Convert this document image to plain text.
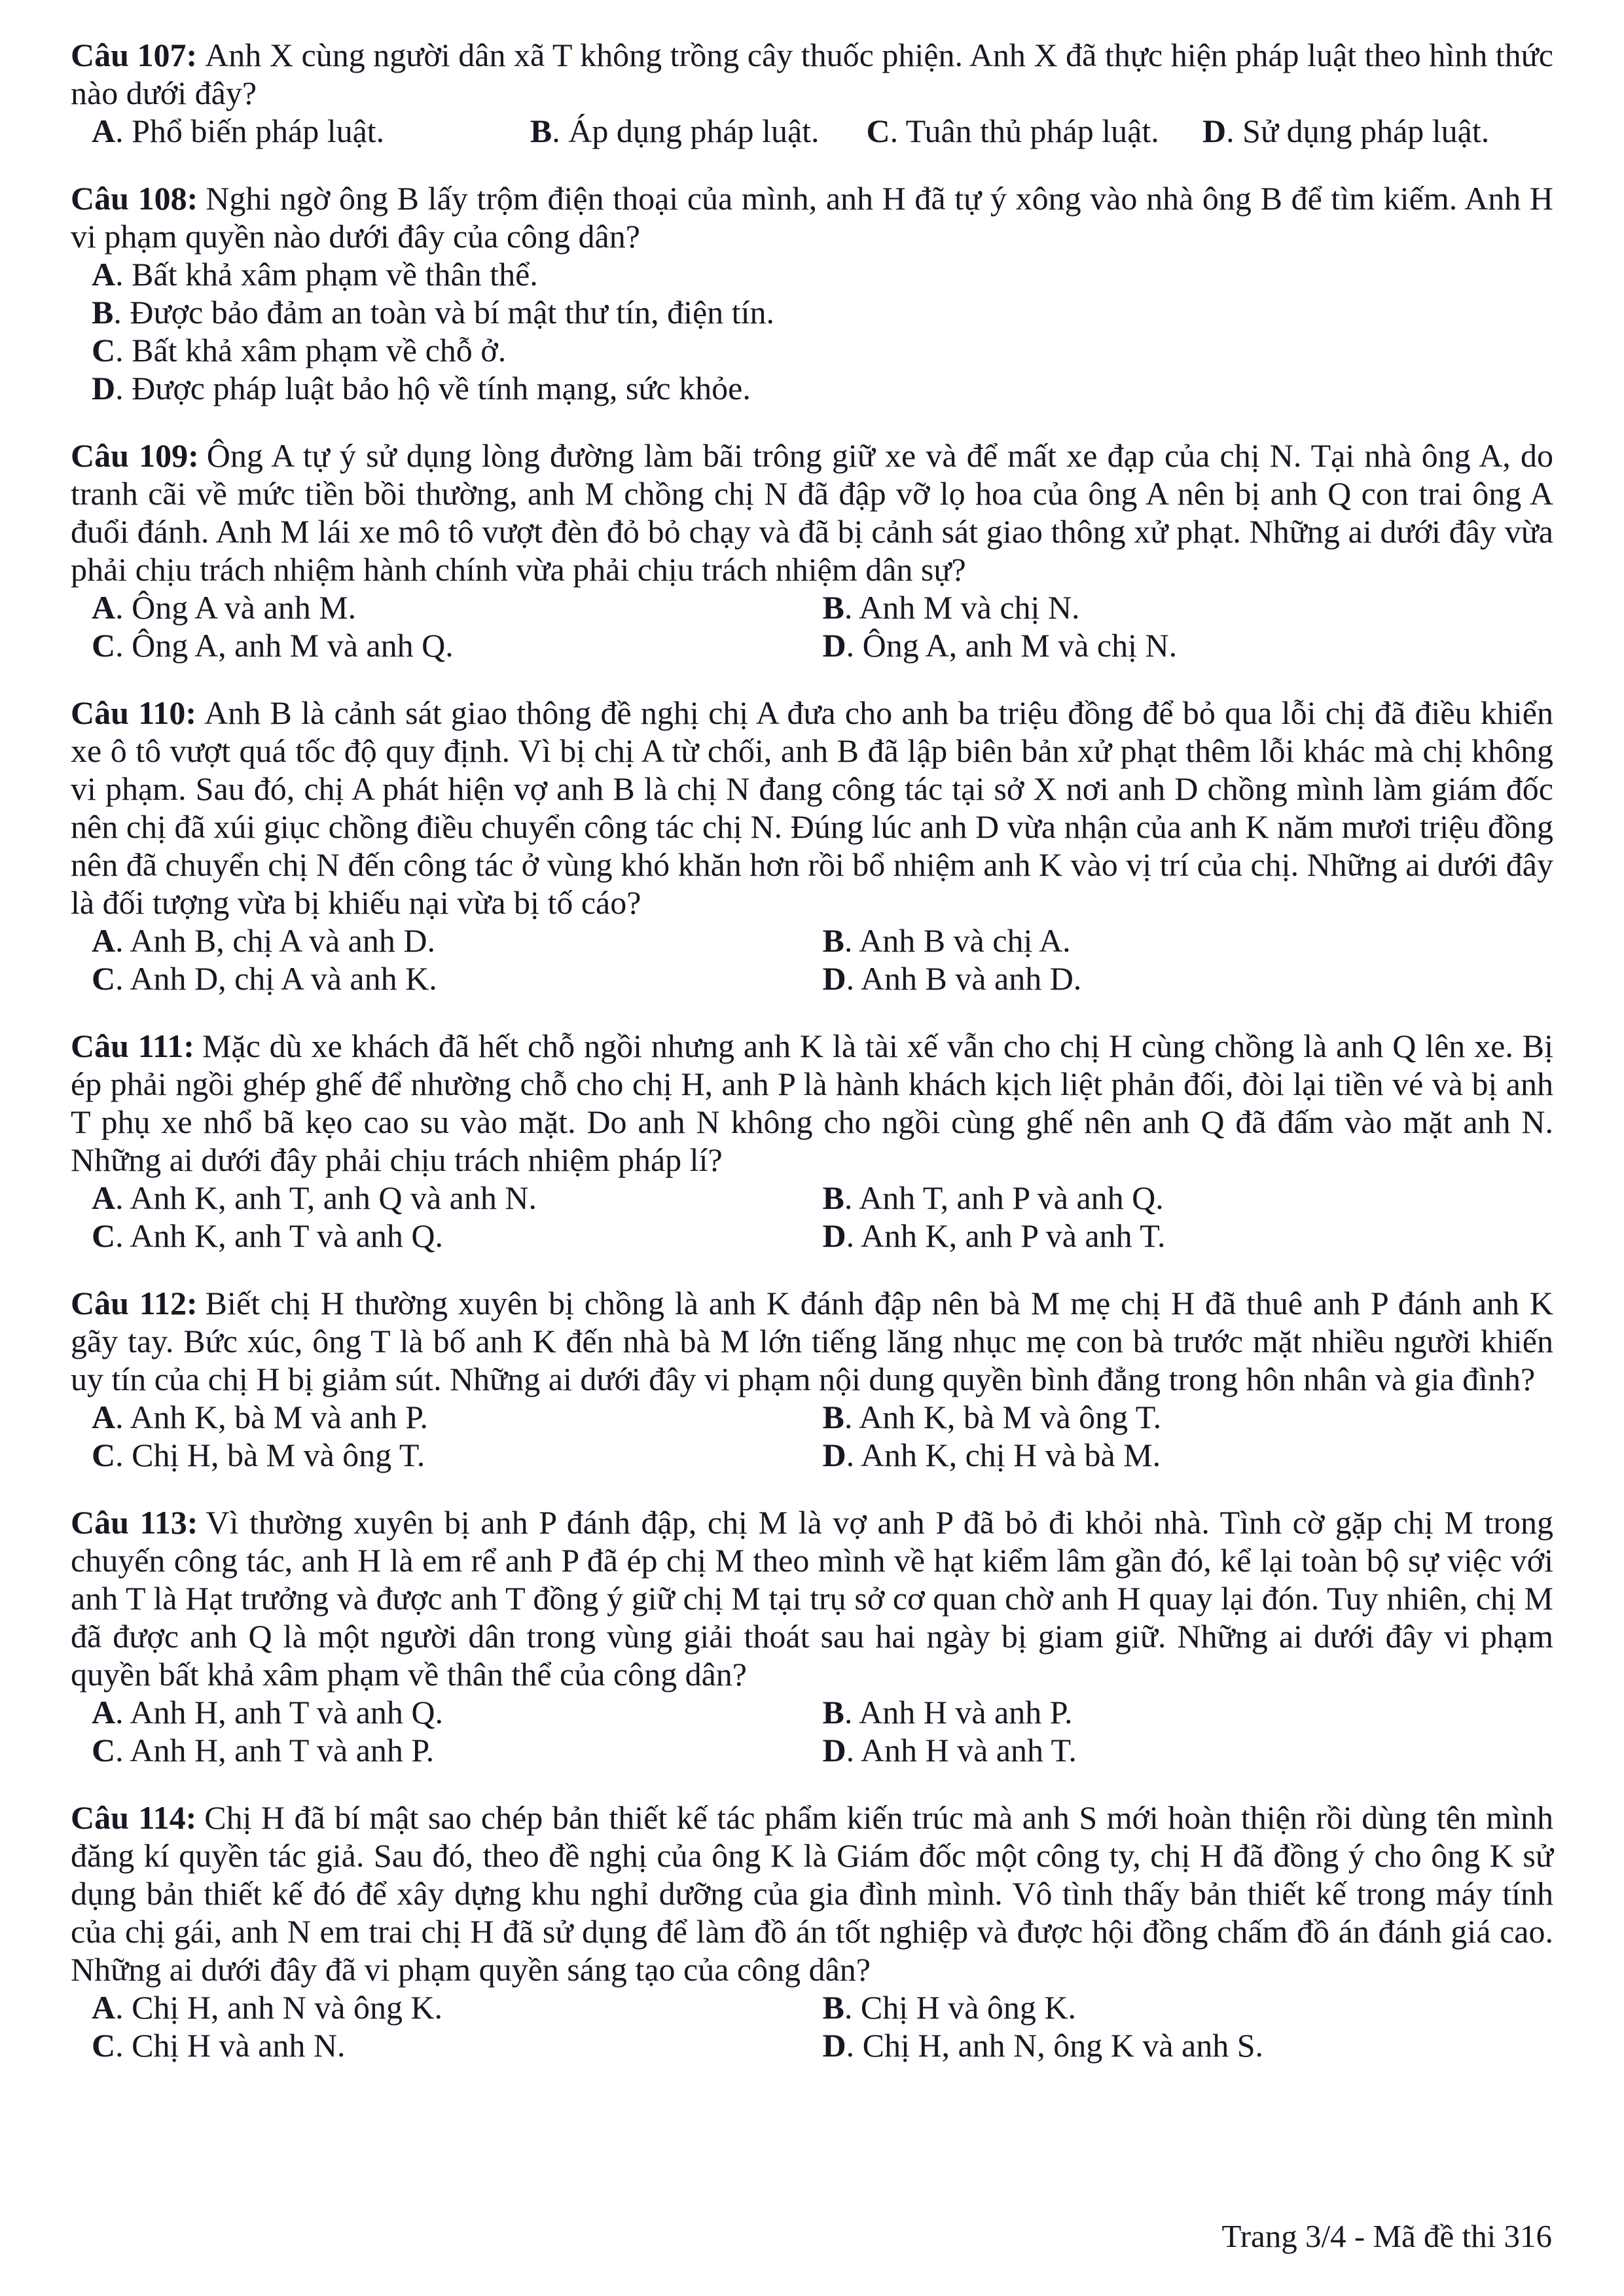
Câu 107: Anh X cùng người dân xã T không trồng cây thuốc phiện. Anh X đã thực hiện pháp luật theo hình thức nào dưới đây?

A. Phổ biến pháp luật.	B. Áp dụng pháp luật.	C. Tuân thủ pháp luật.	D. Sử dụng pháp luật.

Câu 108: Nghi ngờ ông B lấy trộm điện thoại của mình, anh H đã tự ý xông vào nhà ông B để tìm kiếm. Anh H vi phạm quyền nào dưới đây của công dân?

A. Bất khả xâm phạm về thân thể.
B. Được bảo đảm an toàn và bí mật thư tín, điện tín.
C. Bất khả xâm phạm về chỗ ở.
D. Được pháp luật bảo hộ về tính mạng, sức khỏe.

Câu 109: Ông A tự ý sử dụng lòng đường làm bãi trông giữ xe và để mất xe đạp của chị N. Tại nhà ông A, do tranh cãi về mức tiền bồi thường, anh M chồng chị N đã đập vỡ lọ hoa của ông A nên bị anh Q con trai ông A đuổi đánh. Anh M lái xe mô tô vượt đèn đỏ bỏ chạy và đã bị cảnh sát giao thông xử phạt. Những ai dưới đây vừa phải chịu trách nhiệm hành chính vừa phải chịu trách nhiệm dân sự?

A. Ông A và anh M.	B. Anh M và chị N.
C. Ông A, anh M và anh Q.	D. Ông A, anh M và chị N.

Câu 110: Anh B là cảnh sát giao thông đề nghị chị A đưa cho anh ba triệu đồng để bỏ qua lỗi chị đã điều khiển xe ô tô vượt quá tốc độ quy định. Vì bị chị A từ chối, anh B đã lập biên bản xử phạt thêm lỗi khác mà chị không vi phạm. Sau đó, chị A phát hiện vợ anh B là chị N đang công tác tại sở X nơi anh D chồng mình làm giám đốc nên chị đã xúi giục chồng điều chuyển công tác chị N. Đúng lúc anh D vừa nhận của anh K năm mươi triệu đồng nên đã chuyển chị N đến công tác ở vùng khó khăn hơn rồi bổ nhiệm anh K vào vị trí của chị. Những ai dưới đây là đối tượng vừa bị khiếu nại vừa bị tố cáo?

A. Anh B, chị A và anh D.	B. Anh B và chị A.
C. Anh D, chị A và anh K.	D. Anh B và anh D.

Câu 111: Mặc dù xe khách đã hết chỗ ngồi nhưng anh K là tài xế vẫn cho chị H cùng chồng là anh Q lên xe. Bị ép phải ngồi ghép ghế để nhường chỗ cho chị H, anh P là hành khách kịch liệt phản đối, đòi lại tiền vé và bị anh T phụ xe nhổ bã kẹo cao su vào mặt. Do anh N không cho ngồi cùng ghế nên anh Q đã đấm vào mặt anh N. Những ai dưới đây phải chịu trách nhiệm pháp lí?

A. Anh K, anh T, anh Q và anh N.	B. Anh T, anh P và anh Q.
C. Anh K, anh T và anh Q.	D. Anh K, anh P và anh T.

Câu 112: Biết chị H thường xuyên bị chồng là anh K đánh đập nên bà M mẹ chị H đã thuê anh P đánh anh K gãy tay. Bức xúc, ông T là bố anh K đến nhà bà M lớn tiếng lăng nhục mẹ con bà trước mặt nhiều người khiến uy tín của chị H bị giảm sút. Những ai dưới đây vi phạm nội dung quyền bình đẳng trong hôn nhân và gia đình?

A. Anh K, bà M và anh P.	B. Anh K, bà M và ông T.
C. Chị H, bà M và ông T.	D. Anh K, chị H và bà M.

Câu 113: Vì thường xuyên bị anh P đánh đập, chị M là vợ anh P đã bỏ đi khỏi nhà. Tình cờ gặp chị M trong chuyến công tác, anh H là em rể anh P đã ép chị M theo mình về hạt kiểm lâm gần đó, kể lại toàn bộ sự việc với anh T là Hạt trưởng và được anh T đồng ý giữ chị M tại trụ sở cơ quan chờ anh H quay lại đón. Tuy nhiên, chị M đã được anh Q là một người dân trong vùng giải thoát sau hai ngày bị giam giữ. Những ai dưới đây vi phạm quyền bất khả xâm phạm về thân thể của công dân?

A. Anh H, anh T và anh Q.	B. Anh H và anh P.
C. Anh H, anh T và anh P.	D. Anh H và anh T.

Câu 114: Chị H đã bí mật sao chép bản thiết kế tác phẩm kiến trúc mà anh S mới hoàn thiện rồi dùng tên mình đăng kí quyền tác giả. Sau đó, theo đề nghị của ông K là Giám đốc một công ty, chị H đã đồng ý cho ông K sử dụng bản thiết kế đó để xây dựng khu nghỉ dưỡng của gia đình mình. Vô tình thấy bản thiết kế trong máy tính của chị gái, anh N em trai chị H đã sử dụng để làm đồ án tốt nghiệp và được hội đồng chấm đồ án đánh giá cao. Những ai dưới đây đã vi phạm quyền sáng tạo của công dân?

A. Chị H, anh N và ông K.	B. Chị H và ông K.
C. Chị H và anh N.	D. Chị H, anh N, ông K và anh S.
Trang 3/4 - Mã đề thi 316
